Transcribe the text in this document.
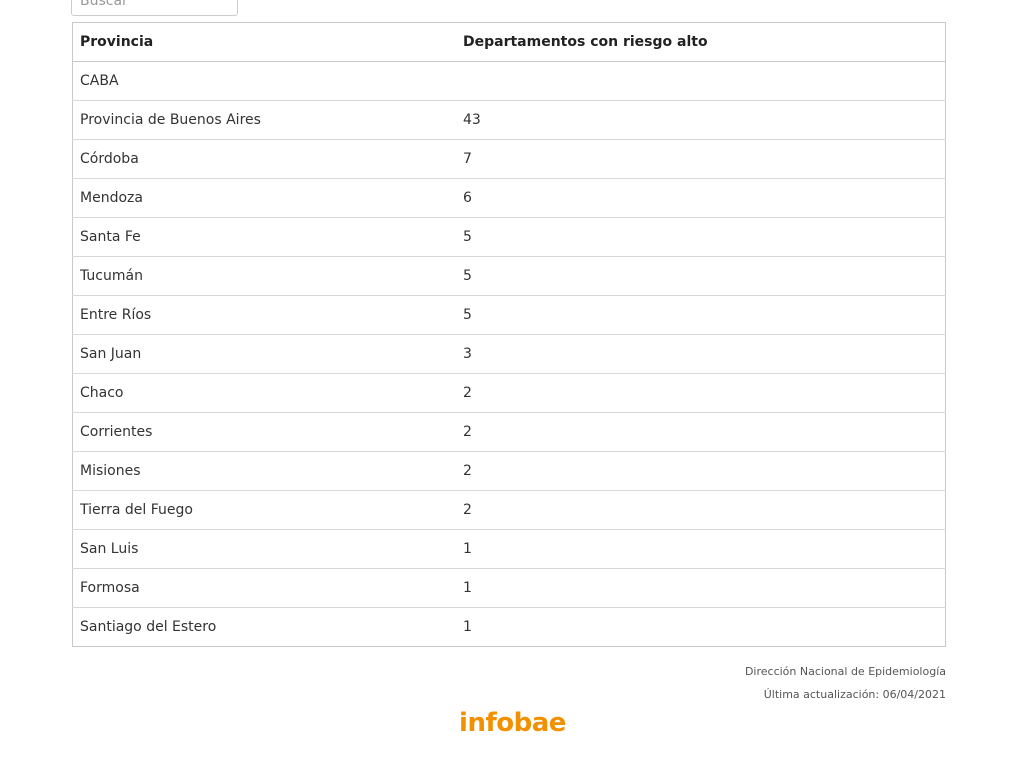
Buscar
Provincia	Departamentos con riesgo alto
CABA	
Provincia de Buenos Aires	43
Córdoba	7
Mendoza	6
Santa Fe	5
Tucumán	5
Entre Ríos	5
San Juan	3
Chaco	2
Corrientes	2
Misiones	2
Tierra del Fuego	2
San Luis	1
Formosa	1
Santiago del Estero	1
Dirección Nacional de Epidemiología
Última actualización: 06/04/2021
infobae
